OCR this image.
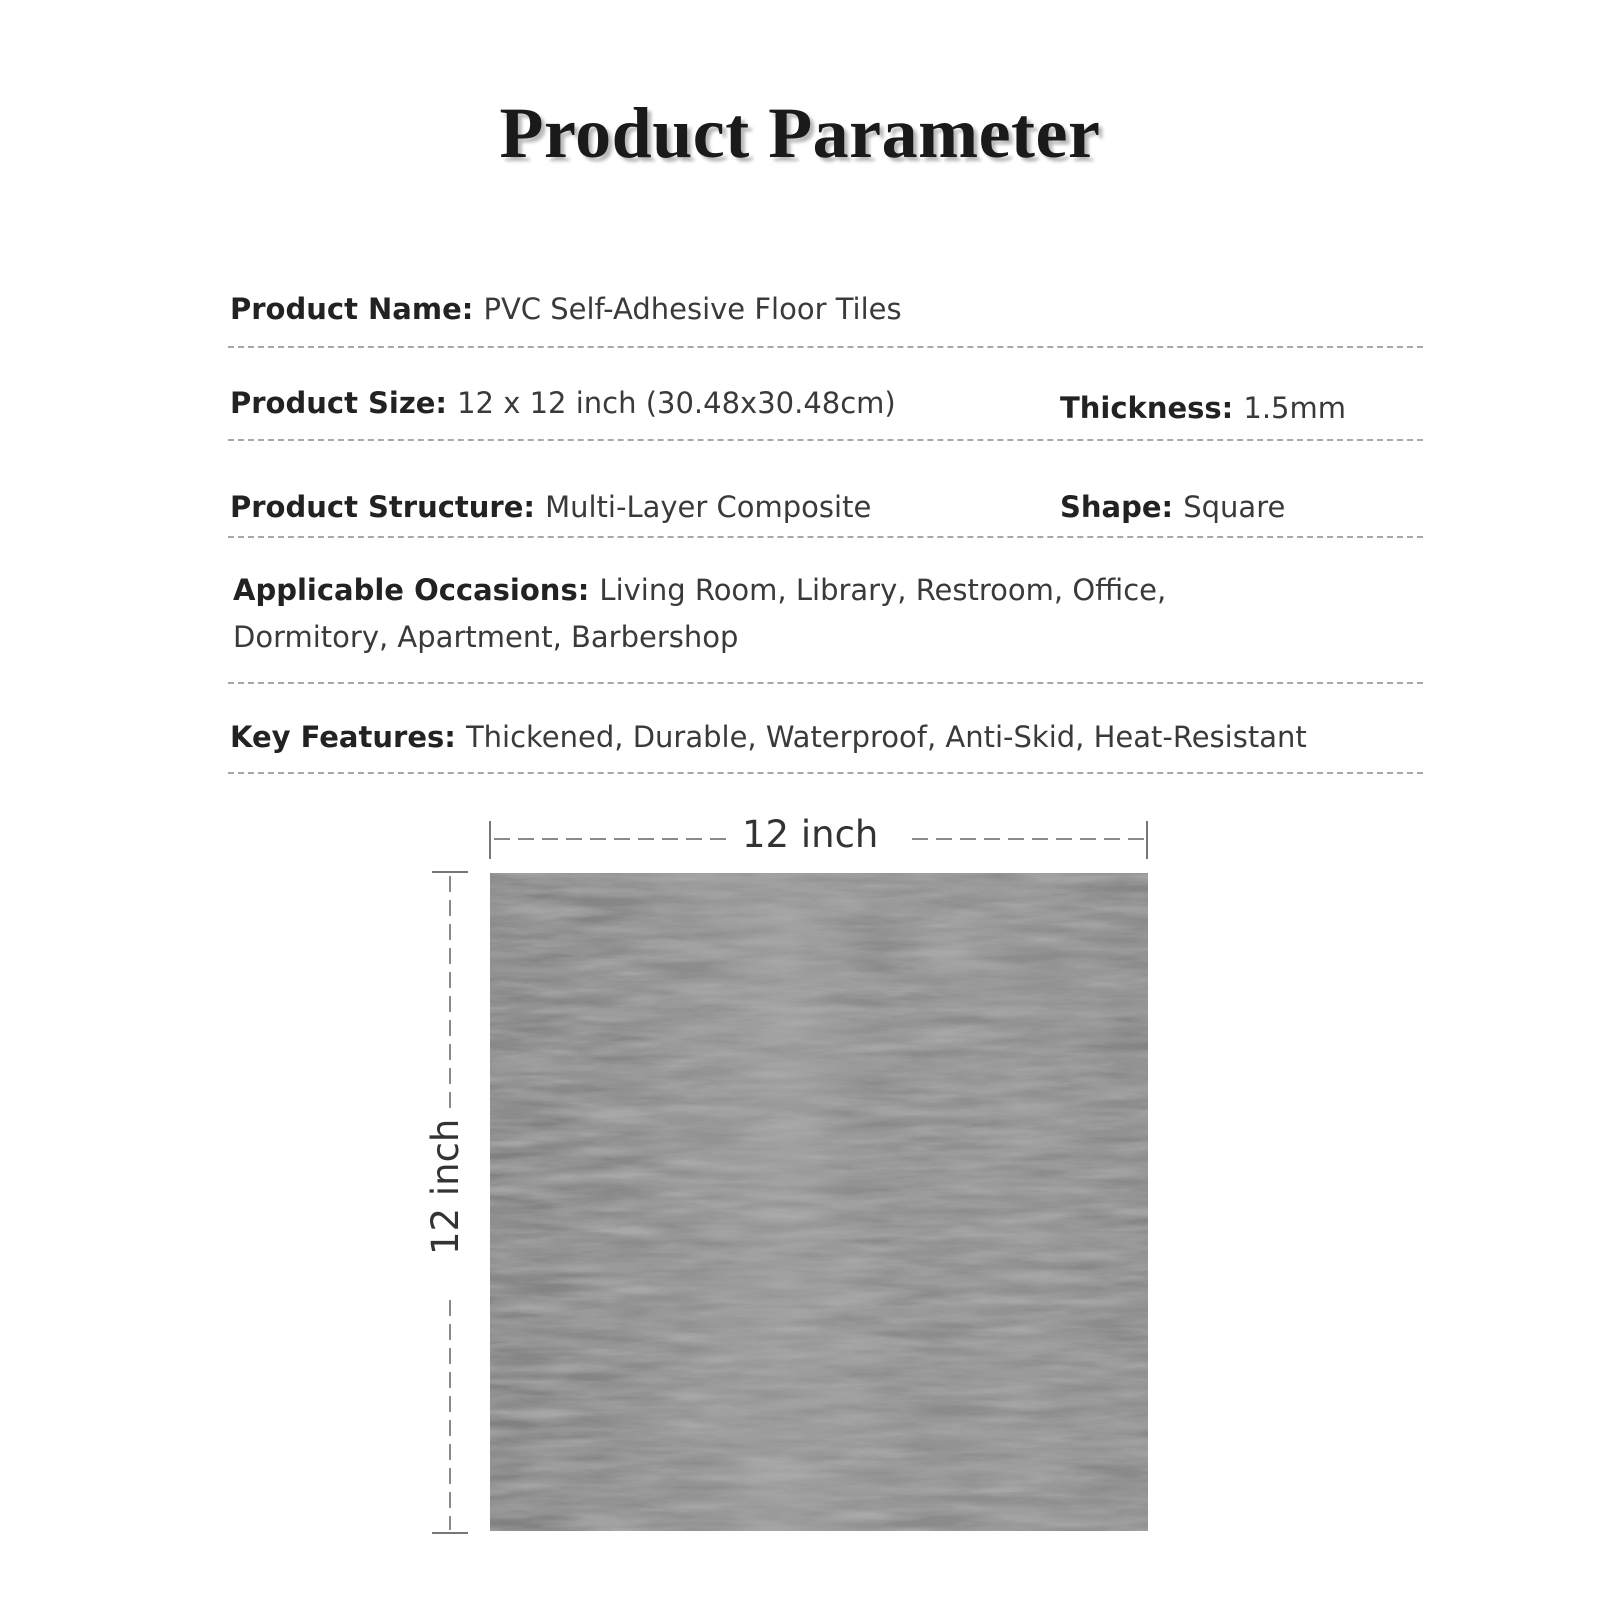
Product Parameter
Product Name: PVC Self-Adhesive Floor Tiles
Product Size: 12 x 12 inch (30.48x30.48cm)	Thickness: 1.5mm
Product Structure: Multi-Layer Composite	Shape: Square
Applicable Occasions: Living Room, Library, Restroom, Office, Dormitory, Apartment, Barbershop
Key Features: Thickened, Durable, Waterproof, Anti-Skid, Heat-Resistant
12 inch
12 inch
